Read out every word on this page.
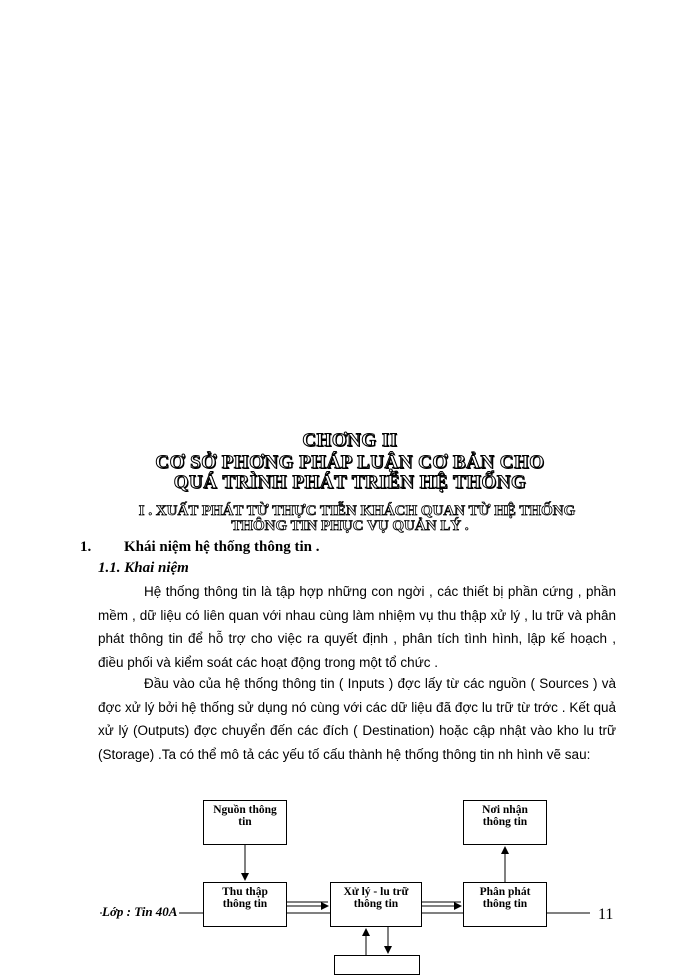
CHƠNG II
CƠ SỞ PHƠNG PHÁP LUẬN CƠ BẢN CHO
QUÁ TRÌNH PHÁT TRIỂN HỆ THỐNG
I . XUẤT PHÁT TỪ THỰC TIỄN KHÁCH QUAN TỪ HỆ THỐNG
THÔNG TIN PHỤC VỤ QUẢN LÝ .
1. Khái niệm hệ thống thông tin .
1.1. Khai niệm
Hệ thống thông tin là tập hợp những con ngời , các thiết bị phần cứng , phần mềm , dữ liệu có liên quan với nhau cùng làm nhiệm vụ thu thập xử lý , lu trữ và phân phát thông tin để hỗ trợ cho việc ra quyết định , phân tích tình hình, lập kế hoạch , điều phối và kiểm soát các hoạt động trong một tổ chức .
Đầu vào của hệ thống thông tin ( Inputs ) đợc lấy từ các nguồn ( Sources ) và đợc xử lý bởi hệ thống sử dụng nó cùng với các dữ liệu đã đợc lu trữ từ trớc . Kết quả xử lý (Outputs) đợc chuyển đến các đích ( Destination) hoặc cập nhật vào kho lu trữ (Storage) .Ta có thể mô tả các yếu tố cấu thành hệ thống thông tin nh hình vẽ sau:
Nguồn thông
tin
Nơi nhận
thông tin
Thu thập
thông tin
Xử lý - lu trữ
thông tin
Phân phát
thông tin
Lớp : Tin 40A	11
